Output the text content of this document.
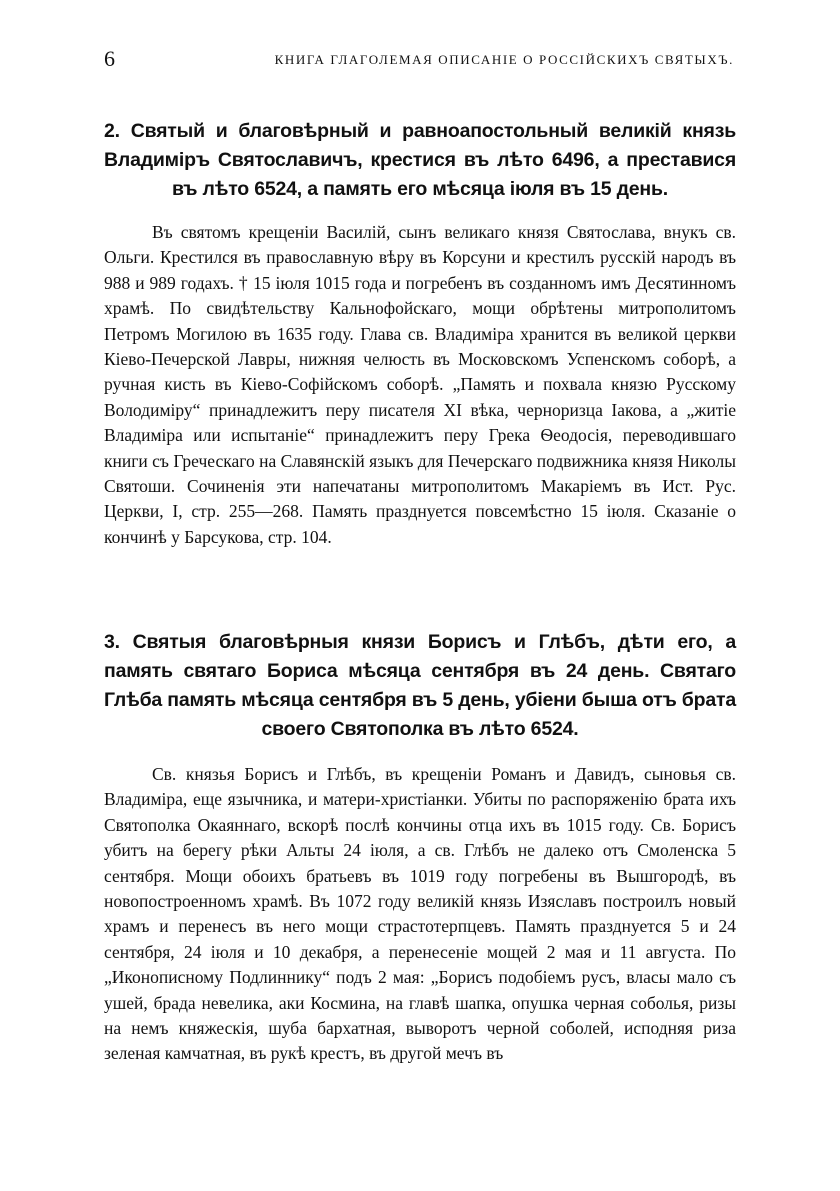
6	КНИГА ГЛАГОЛЕМАЯ ОПИСАНІЕ О РОССІЙСКИХЪ СВЯТЫХЪ.
2. Святый и благовѣрный и равноапостольный великій князь Владиміръ Святославичъ, крестися въ лѣто 6496, а преставися въ лѣто 6524, а память его мѣсяца іюля въ 15 день.
Въ святомъ крещеніи Василій, сынъ великаго князя Святослава, внукъ св. Ольги. Крестился въ православную вѣру въ Корсуни и крестилъ русскій народъ въ 988 и 989 годахъ. † 15 іюля 1015 года и погребенъ въ созданномъ имъ Десятинномъ храмѣ. По свидѣтельству Кальнофойскаго, мощи обрѣтены митрополитомъ Петромъ Могилою въ 1635 году. Глава св. Владиміра хранится въ великой церкви Кіево-Печерской Лавры, нижняя челюсть въ Московскомъ Успенскомъ соборѣ, а ручная кисть въ Кіево-Софійскомъ соборѣ. „Память и похвала князю Русскому Володиміру“ принадлежитъ перу писателя XI вѣка, черноризца Іакова, а „житіе Владиміра или испытаніе“ принадлежитъ перу Грека Ѳеодосія, переводившаго книги съ Греческаго на Славянскій языкъ для Печерскаго подвижника князя Николы Святоши. Сочиненія эти напечатаны митрополитомъ Макаріемъ въ Ист. Рус. Церкви, I, стр. 255—268. Память празднуется повсемѣстно 15 іюля. Сказаніе о кончинѣ у Барсукова, стр. 104.
3. Святыя благовѣрныя князи Борисъ и Глѣбъ, дѣти его, а память святаго Бориса мѣсяца сентября въ 24 день. Святаго Глѣба память мѣсяца сентября въ 5 день, убіени быша отъ брата своего Святополка въ лѣто 6524.
Св. князья Борисъ и Глѣбъ, въ крещеніи Романъ и Давидъ, сыновья св. Владиміра, еще язычника, и матери-христіанки. Убиты по распоряженію брата ихъ Святополка Окаяннаго, вскорѣ послѣ кончины отца ихъ въ 1015 году. Св. Борисъ убитъ на берегу рѣки Альты 24 іюля, а св. Глѣбъ не далеко отъ Смоленска 5 сентября. Мощи обоихъ братьевъ въ 1019 году погребены въ Вышгородѣ, въ новопостроенномъ храмѣ. Въ 1072 году великій князь Изяславъ построилъ новый храмъ и перенесъ въ него мощи страстотерпцевъ. Память празднуется 5 и 24 сентября, 24 іюля и 10 декабря, а перенесеніе мощей 2 мая и 11 августа. По „Иконописному Подлиннику“ подъ 2 мая: „Борисъ подобіемъ русъ, власы мало съ ушей, брада невелика, аки Космина, на главѣ шапка, опушка черная соболья, ризы на немъ княжескія, шуба бархатная, выворотъ черной соболей, исподняя риза зеленая камчатная, въ рукѣ крестъ, въ другой мечъ въ
